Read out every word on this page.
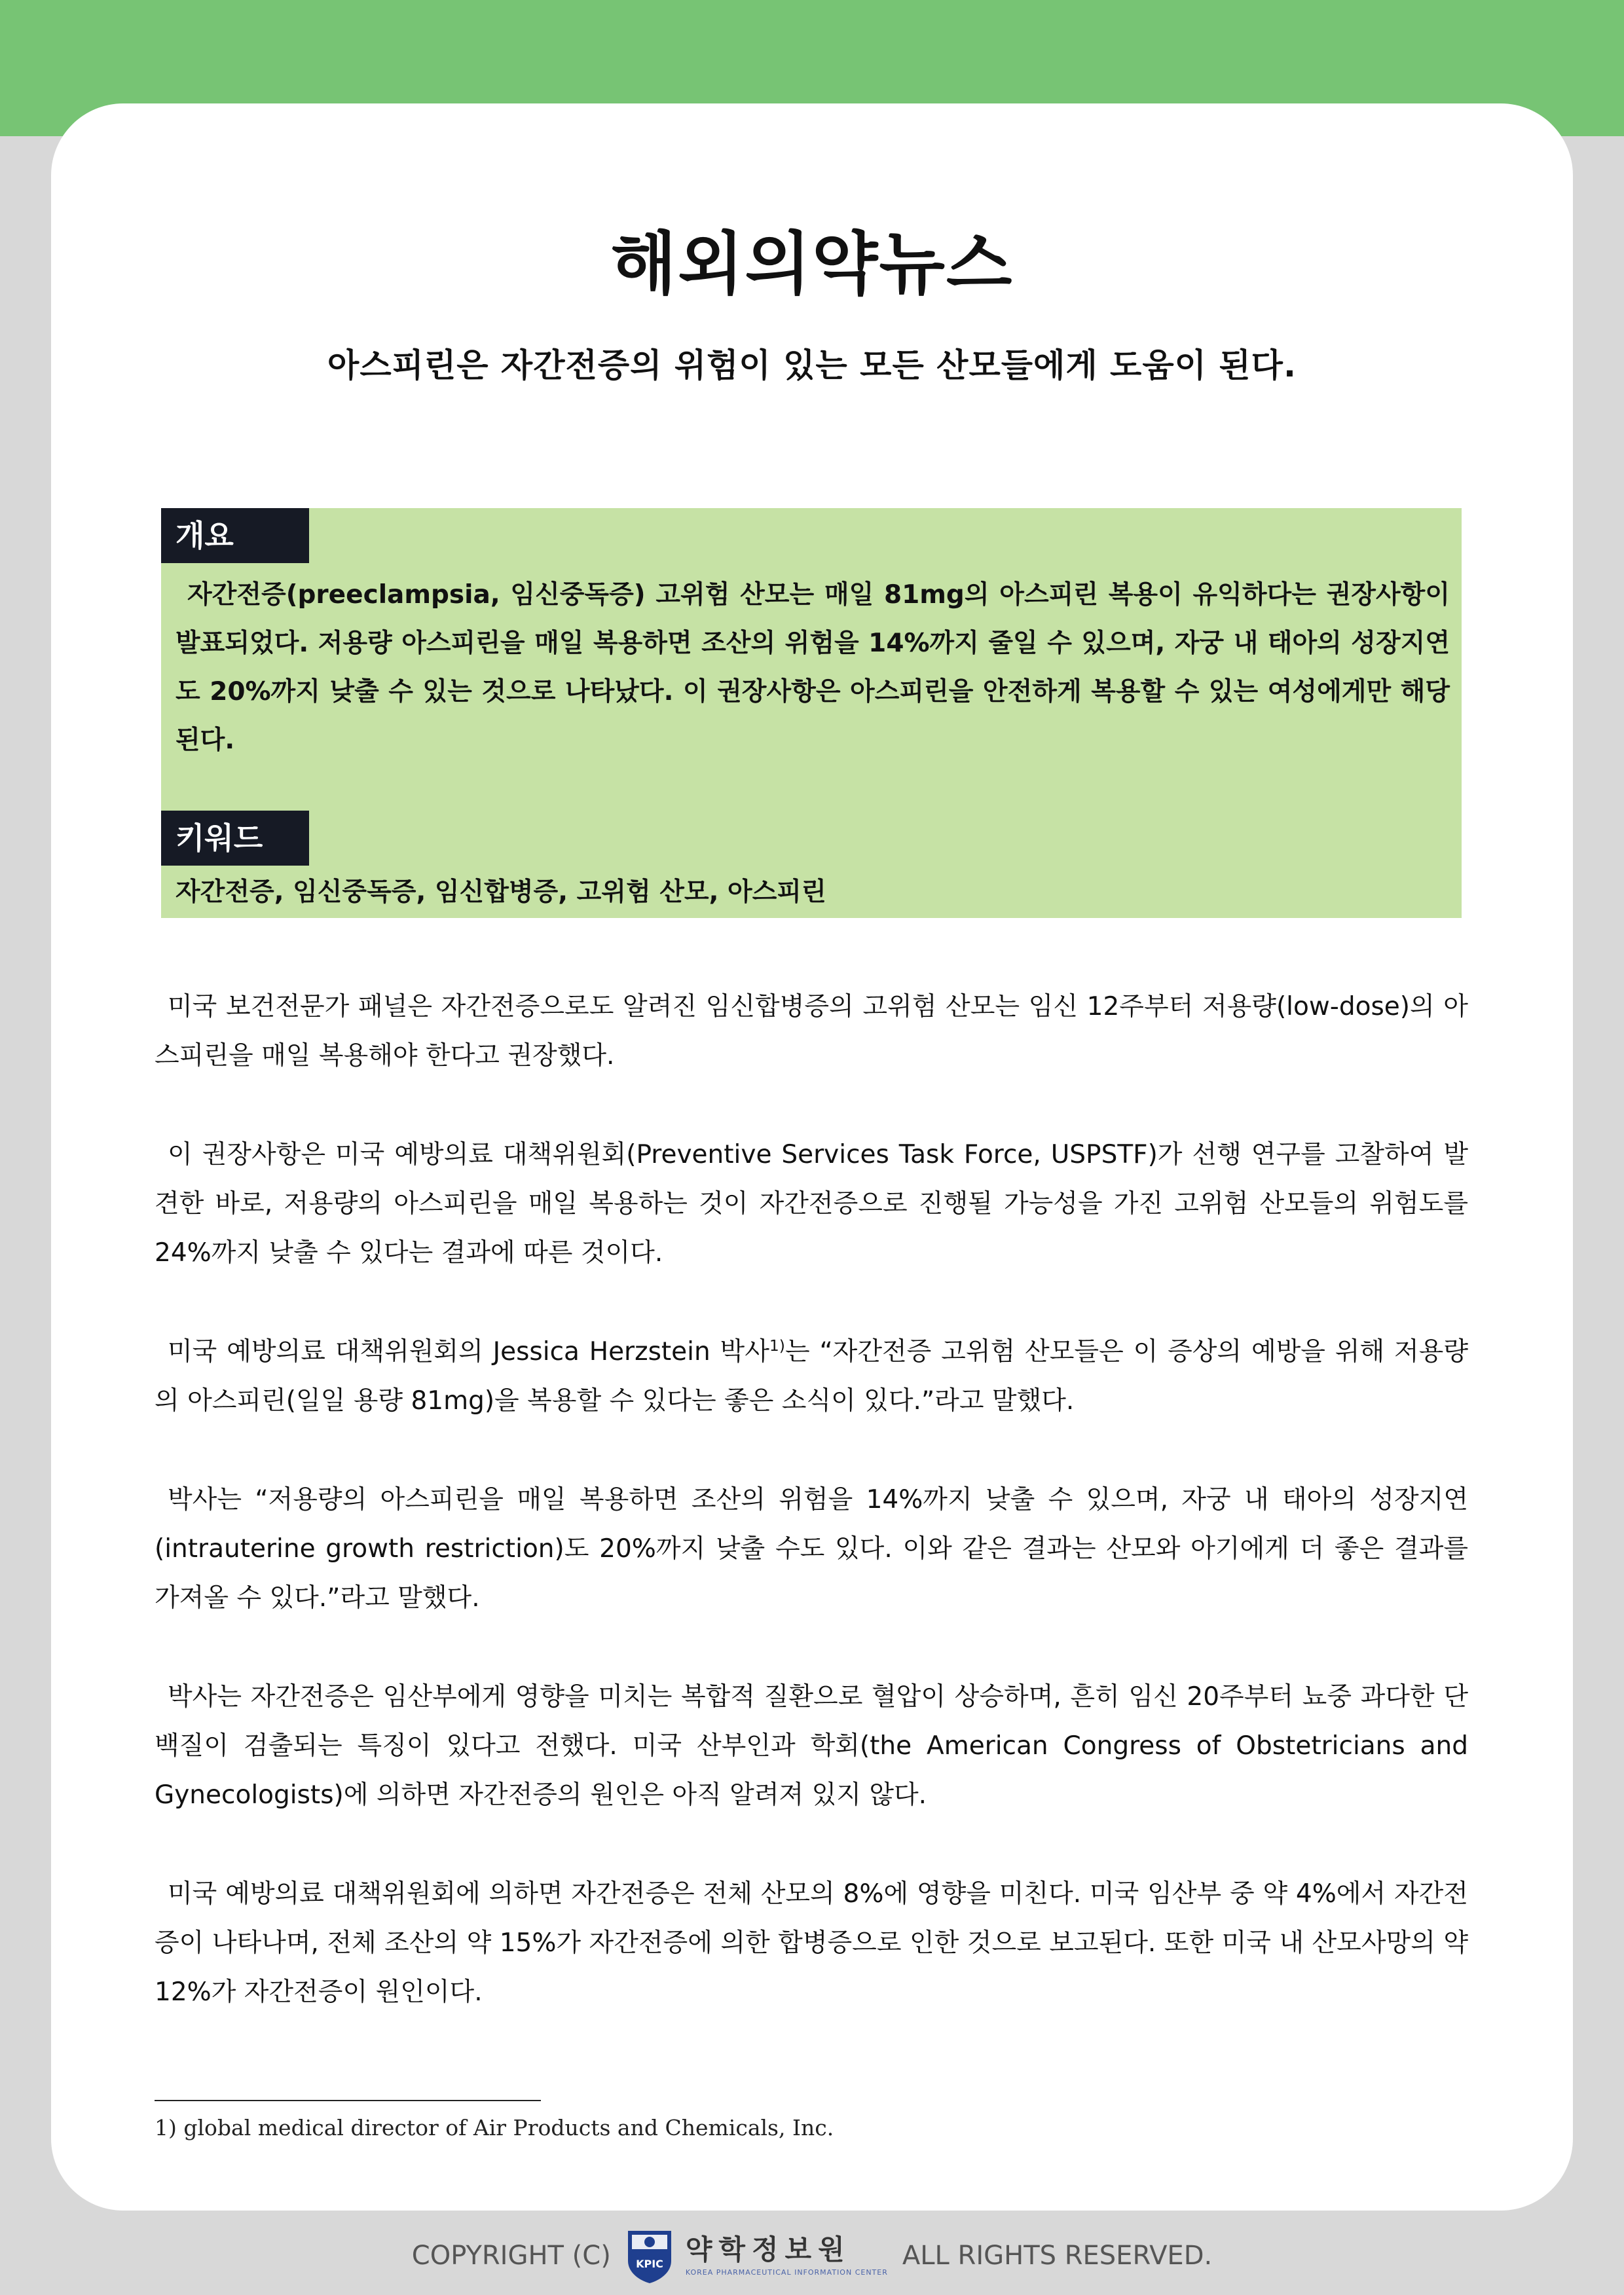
해외의약뉴스
아스피린은 자간전증의 위험이 있는 모든 산모들에게 도움이 된다.
개요
자간전증(preeclampsia, 임신중독증) 고위험 산모는 매일 81mg의 아스피린 복용이 유익하다는 권장사항이 발표되었다. 저용량 아스피린을 매일 복용하면 조산의 위험을 14%까지 줄일 수 있으며, 자궁 내 태아의 성장지연도 20%까지 낮출 수 있는 것으로 나타났다. 이 권장사항은 아스피린을 안전하게 복용할 수 있는 여성에게만 해당된다.
키워드
자간전증, 임신중독증, 임신합병증, 고위험 산모, 아스피린

미국 보건전문가 패널은 자간전증으로도 알려진 임신합병증의 고위험 산모는 임신 12주부터 저용량(low-dose)의 아스피린을 매일 복용해야 한다고 권장했다.

이 권장사항은 미국 예방의료 대책위원회(Preventive Services Task Force, USPSTF)가 선행 연구를 고찰하여 발견한 바로, 저용량의 아스피린을 매일 복용하는 것이 자간전증으로 진행될 가능성을 가진 고위험 산모들의 위험도를 24%까지 낮출 수 있다는 결과에 따른 것이다.

미국 예방의료 대책위원회의 Jessica Herzstein 박사$^{1)}$는 “자간전증 고위험 산모들은 이 증상의 예방을 위해 저용량의 아스피린(일일 용량 81mg)을 복용할 수 있다는 좋은 소식이 있다.”라고 말했다.

박사는 “저용량의 아스피린을 매일 복용하면 조산의 위험을 14%까지 낮출 수 있으며, 자궁 내 태아의 성장지연(intrauterine growth restriction)도 20%까지 낮출 수도 있다. 이와 같은 결과는 산모와 아기에게 더 좋은 결과를 가져올 수 있다.”라고 말했다.

박사는 자간전증은 임산부에게 영향을 미치는 복합적 질환으로 혈압이 상승하며, 흔히 임신 20주부터 뇨중 과다한 단백질이 검출되는 특징이 있다고 전했다. 미국 산부인과 학회(the American Congress of Obstetricians and Gynecologists)에 의하면 자간전증의 원인은 아직 알려져 있지 않다.

미국 예방의료 대책위원회에 의하면 자간전증은 전체 산모의 8%에 영향을 미친다. 미국 임산부 중 약 4%에서 자간전증이 나타나며, 전체 조산의 약 15%가 자간전증에 의한 합병증으로 인한 것으로 보고된다. 또한 미국 내 산모사망의 약 12%가 자간전증이 원인이다.

1) global medical director of Air Products and Chemicals, Inc.
COPYRIGHT (C) KPIC 약학정보원
KOREA PHARMACEUTICAL INFORMATION CENTER
ALL RIGHTS RESERVED.
